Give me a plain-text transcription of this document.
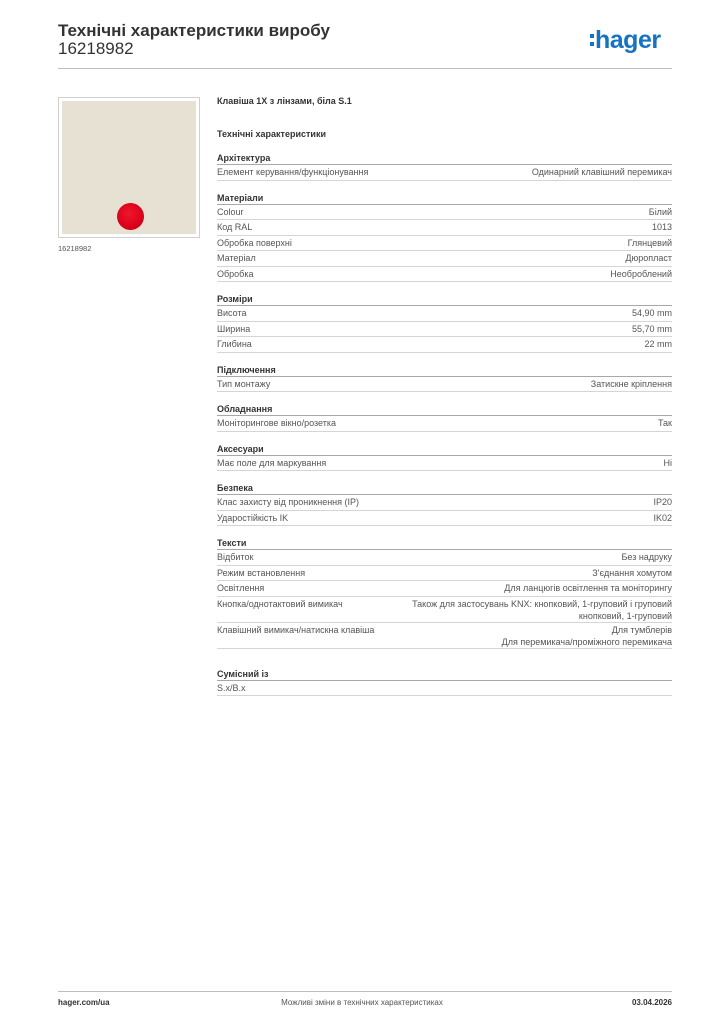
Технічні характеристики виробу
16218982	hager
16218982
Клавіша 1Х з лінзами, біла S.1
Технічні характеристики
Архітектура
Елемент керування/функціонування	Одинарний клавішний перемикач
Матеріали
Colour	Білий
Код RAL	1013
Обробка поверхні	Глянцевий
Матеріал	Дюропласт
Обробка	Необроблений
Розміри
Висота	54,90 mm
Ширина	55,70 mm
Глибина	22 mm
Підключення
Тип монтажу	Затискне кріплення
Обладнання
Моніторингове вікно/розетка	Так
Аксесуари
Має поле для маркування	Ні
Безпека
Клас захисту від проникнення (IP)	IP20
Удароcтійкість IK	IK02
Тексти
Відбиток	Без надруку
Режим встановлення	З'єднання хомутом
Освітлення	Для ланцюгів освітлення та моніторингу
Кнопка/однотактовий вимикач	Також для застосувань KNX: кнопковий, 1-груповий і груповий
кнопковий, 1-груповий
Клавішний вимикач/натискна клавіша	Для тумблерів
Для перемикача/проміжного перемикача
Сумісний із
S.x/B.x
hager.com/ua	Можливі зміни в технічних характеристиках	03.04.2026
